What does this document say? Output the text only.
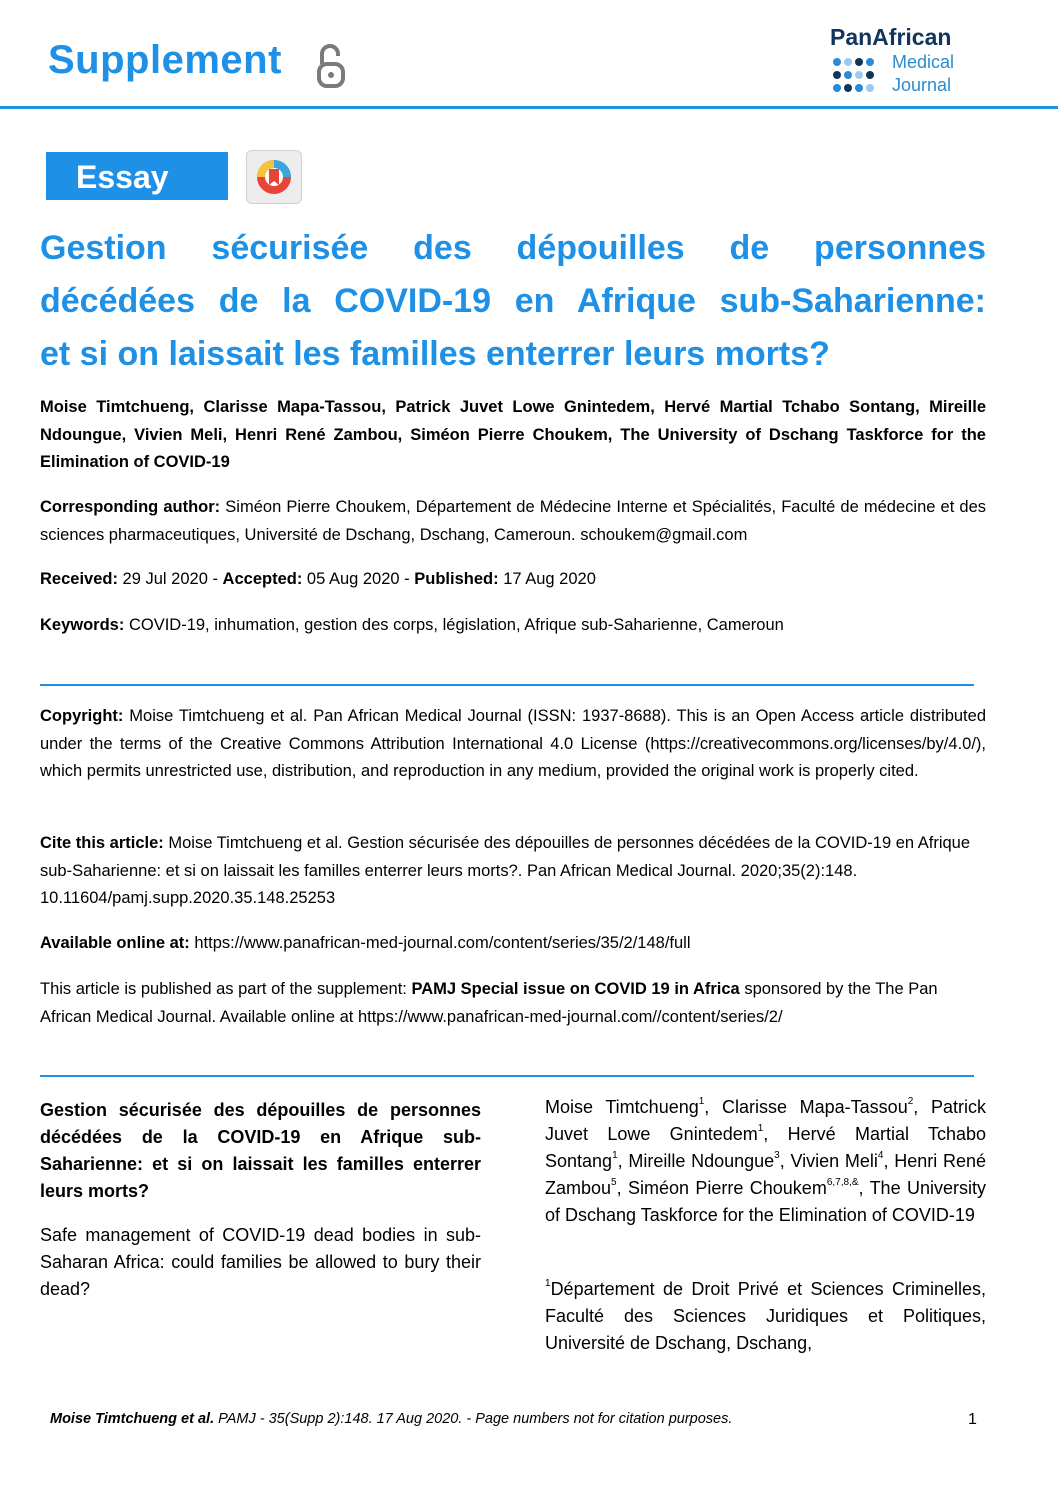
Supplement
PanAfrican
Medical
Journal
Essay
Gestion sécurisée des dépouilles de personnes
décédées de la COVID-19 en Afrique sub-Saharienne:
et si on laissait les familles enterrer leurs morts?
Moise Timtchueng, Clarisse Mapa-Tassou, Patrick Juvet Lowe Gnintedem, Hervé Martial Tchabo Sontang, Mireille Ndoungue, Vivien Meli, Henri René Zambou, Siméon Pierre Choukem, The University of Dschang Taskforce for the Elimination of COVID-19
Corresponding author: Siméon Pierre Choukem, Département de Médecine Interne et Spécialités, Faculté de médecine et des sciences pharmaceutiques, Université de Dschang, Dschang, Cameroun. schoukem@gmail.com
Received: 29 Jul 2020 - Accepted: 05 Aug 2020 - Published: 17 Aug 2020
Keywords: COVID-19, inhumation, gestion des corps, législation, Afrique sub-Saharienne, Cameroun
Copyright: Moise Timtchueng et al. Pan African Medical Journal (ISSN: 1937-8688). This is an Open Access article distributed under the terms of the Creative Commons Attribution International 4.0 License (https://creativecommons.org/licenses/by/4.0/), which permits unrestricted use, distribution, and reproduction in any medium, provided the original work is properly cited.
Cite this article: Moise Timtchueng et al. Gestion sécurisée des dépouilles de personnes décédées de la COVID-19 en Afrique sub-Saharienne: et si on laissait les familles enterrer leurs morts?. Pan African Medical Journal. 2020;35(2):148. 10.11604/pamj.supp.2020.35.148.25253
Available online at: https://www.panafrican-med-journal.com/content/series/35/2/148/full
This article is published as part of the supplement: PAMJ Special issue on COVID 19 in Africa sponsored by the The Pan African Medical Journal. Available online at https://www.panafrican-med-journal.com//content/series/2/
Gestion sécurisée des dépouilles de personnes décédées de la COVID-19 en Afrique sub-Saharienne: et si on laissait les familles enterrer leurs morts?
Safe management of COVID-19 dead bodies in sub-Saharan Africa: could families be allowed to bury their dead?
Moise Timtchueng$^1$, Clarisse Mapa-Tassou$^2$, Patrick Juvet Lowe Gnintedem$^1$, Hervé Martial Tchabo Sontang$^1$, Mireille Ndoungue$^3$, Vivien Meli$^4$, Henri René Zambou$^5$, Siméon Pierre Choukem$^{6,7,8,\&}$, The University of Dschang Taskforce for the Elimination of COVID-19
$^1$Département de Droit Privé et Sciences Criminelles, Faculté des Sciences Juridiques et Politiques, Université de Dschang, Dschang,
Moise Timtchueng et al. PAMJ - 35(Supp 2):148. 17 Aug 2020. - Page numbers not for citation purposes.	1
